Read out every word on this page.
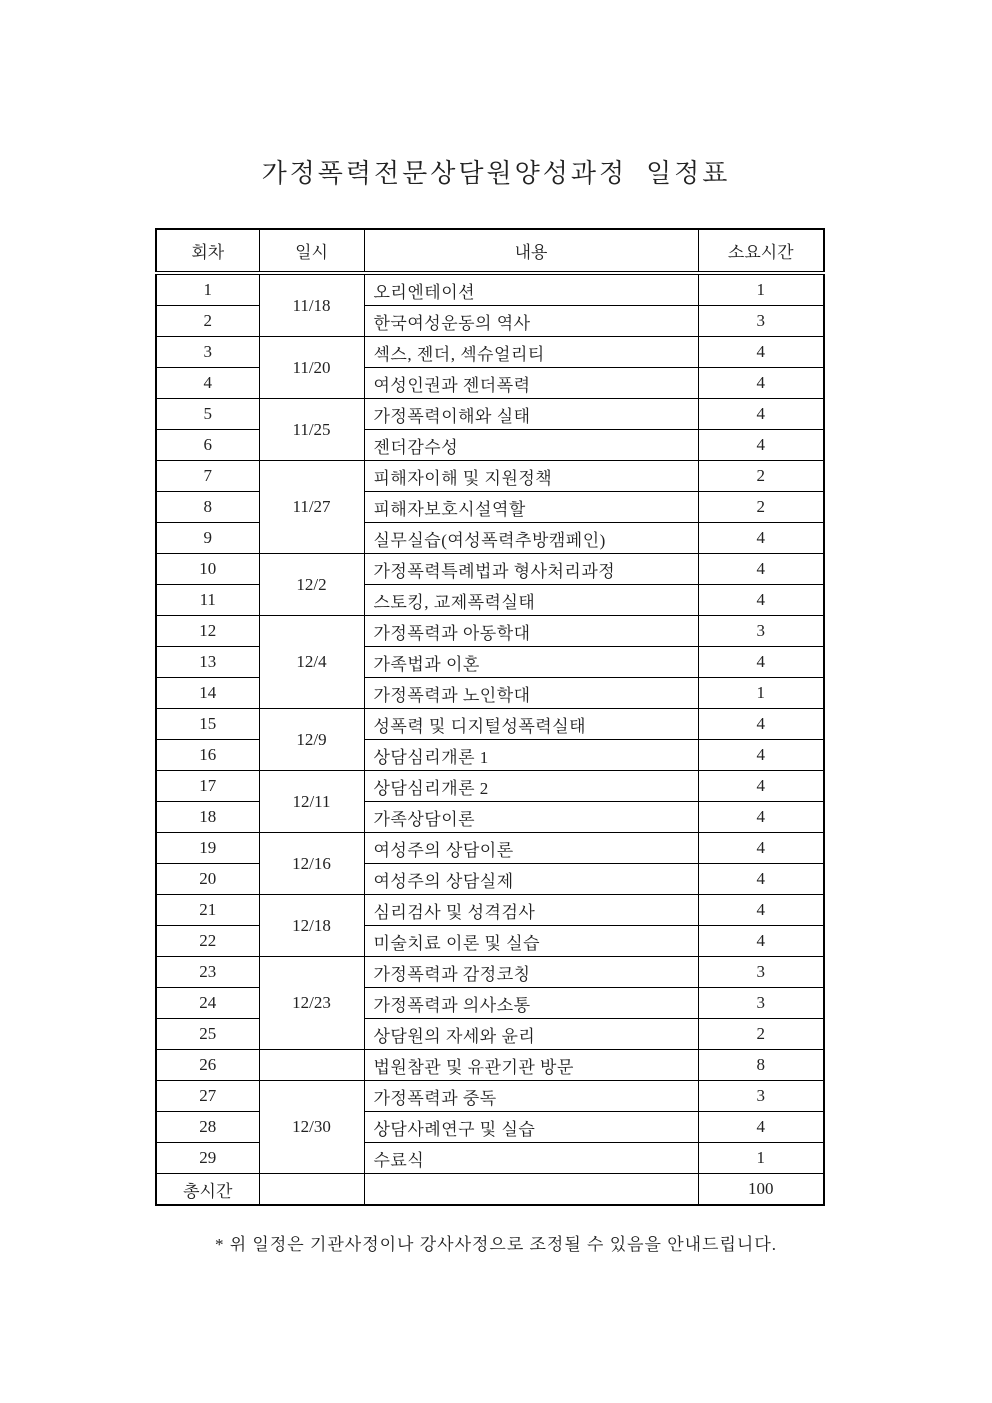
가정폭력전문상담원양성과정  일정표
회차	일시	내용	소요시간
1	11/18	오리엔테이션	1
2		한국여성운동의 역사	3
3	11/20	섹스, 젠더, 섹슈얼리티	4
4		여성인권과 젠더폭력	4
5	11/25	가정폭력이해와 실태	4
6		젠더감수성	4
7	11/27	피해자이해 및 지원정책	2
8		피해자보호시설역할	2
9		실무실습(여성폭력추방캠페인)	4
10	12/2	가정폭력특례법과 형사처리과정	4
11		스토킹, 교제폭력실태	4
12	12/4	가정폭력과 아동학대	3
13		가족법과 이혼	4
14		가정폭력과 노인학대	1
15	12/9	성폭력 및 디지털성폭력실태	4
16		상담심리개론 1	4
17	12/11	상담심리개론 2	4
18		가족상담이론	4
19	12/16	여성주의 상담이론	4
20		여성주의 상담실제	4
21	12/18	심리검사 및 성격검사	4
22		미술치료 이론 및 실습	4
23	12/23	가정폭력과 감정코칭	3
24		가정폭력과 의사소통	3
25		상담원의 자세와 윤리	2
26		법원참관 및 유관기관 방문	8
27	12/30	가정폭력과 중독	3
28		상담사례연구 및 실습	4
29		수료식	1
총시간			100
* 위 일정은 기관사정이나 강사사정으로 조정될 수 있음을 안내드립니다.
